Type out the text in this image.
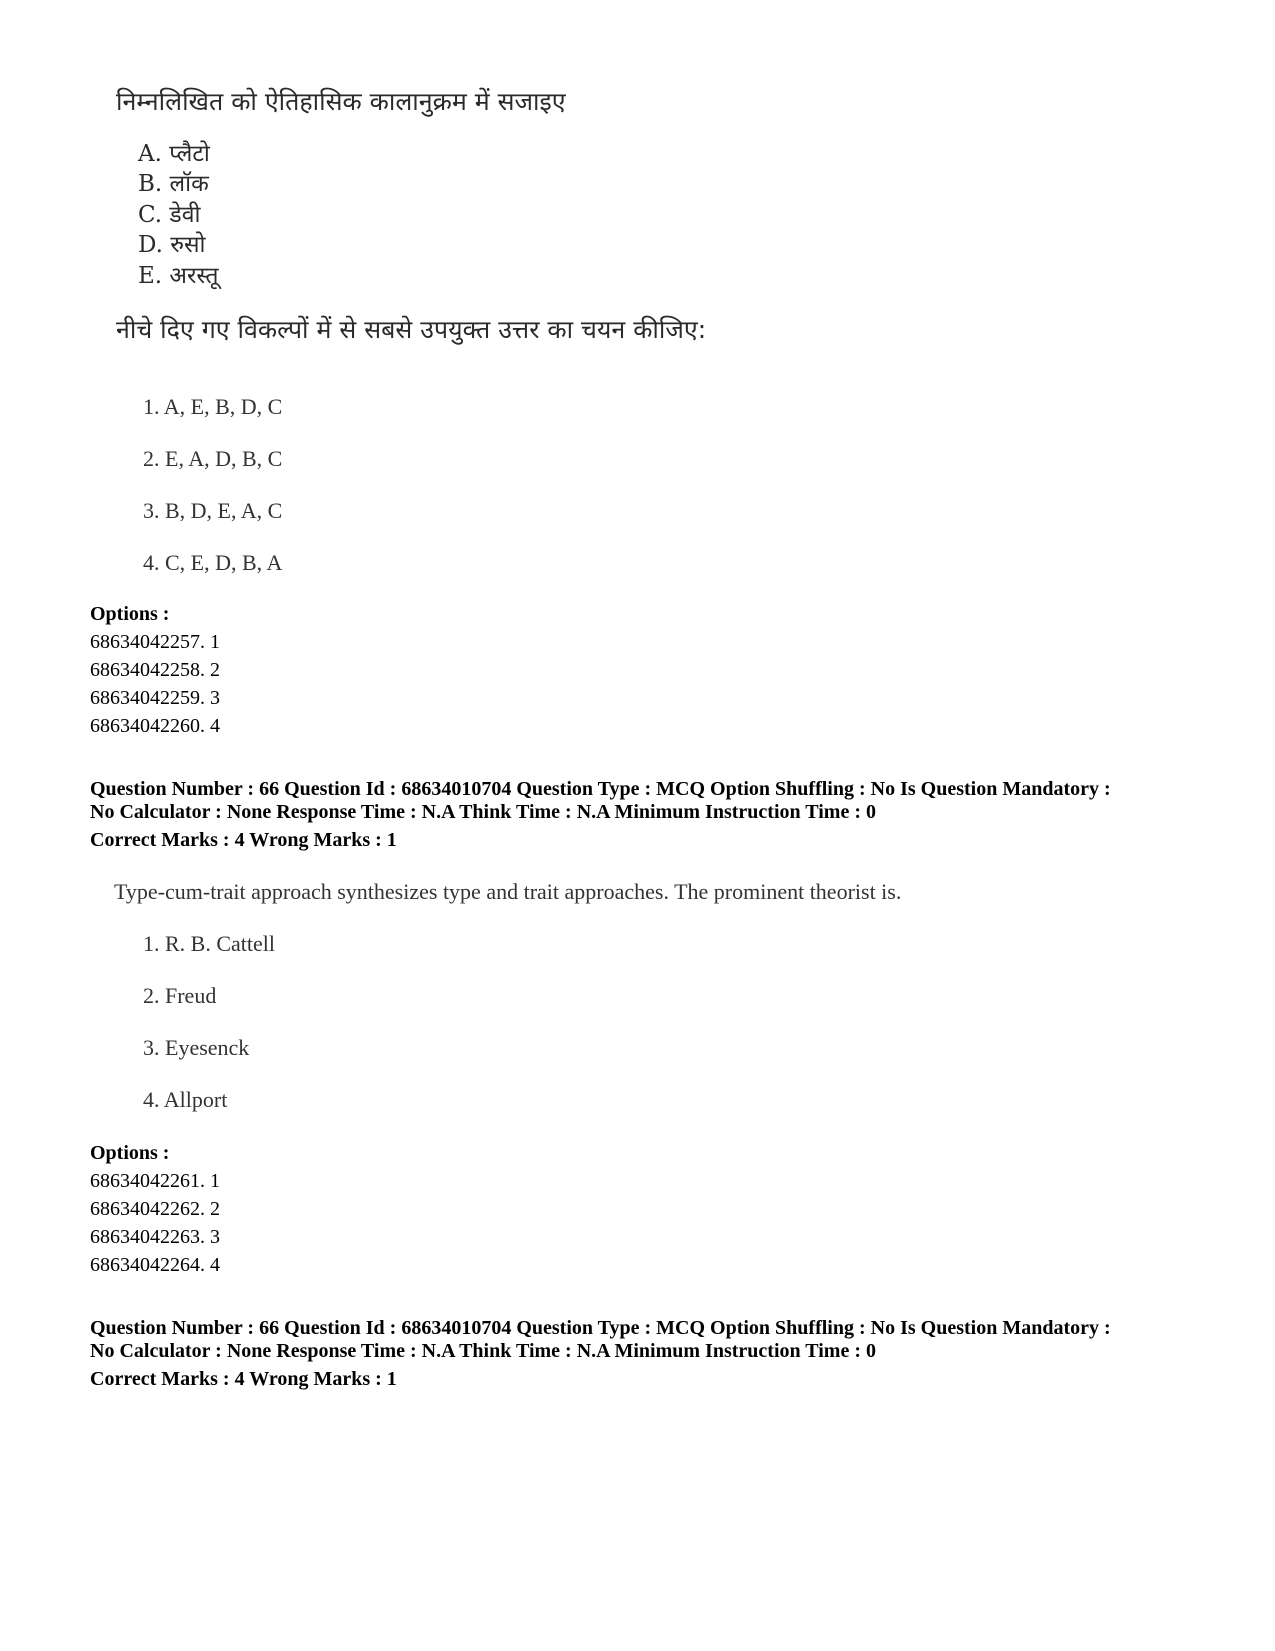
निम्नलिखित को ऐतिहासिक कालानुक्रम में सजाइए
A. प्लैटो
B. लॉक
C. डेवी
D. रुसो
E. अरस्तू
नीचे दिए गए विकल्पों में से सबसे उपयुक्त उत्तर का चयन कीजिए:
1. A, E, B, D, C
2. E, A, D, B, C
3. B, D, E, A, C
4. C, E, D, B, A
Options :
68634042257. 1
68634042258. 2
68634042259. 3
68634042260. 4
Question Number : 66 Question Id : 68634010704 Question Type : MCQ Option Shuffling : No Is Question Mandatory :
No Calculator : None Response Time : N.A Think Time : N.A Minimum Instruction Time : 0
Correct Marks : 4 Wrong Marks : 1
Type-cum-trait approach synthesizes type and trait approaches. The prominent theorist is.
1. R. B. Cattell
2. Freud
3. Eyesenck
4. Allport
Options :
68634042261. 1
68634042262. 2
68634042263. 3
68634042264. 4
Question Number : 66 Question Id : 68634010704 Question Type : MCQ Option Shuffling : No Is Question Mandatory :
No Calculator : None Response Time : N.A Think Time : N.A Minimum Instruction Time : 0
Correct Marks : 4 Wrong Marks : 1
